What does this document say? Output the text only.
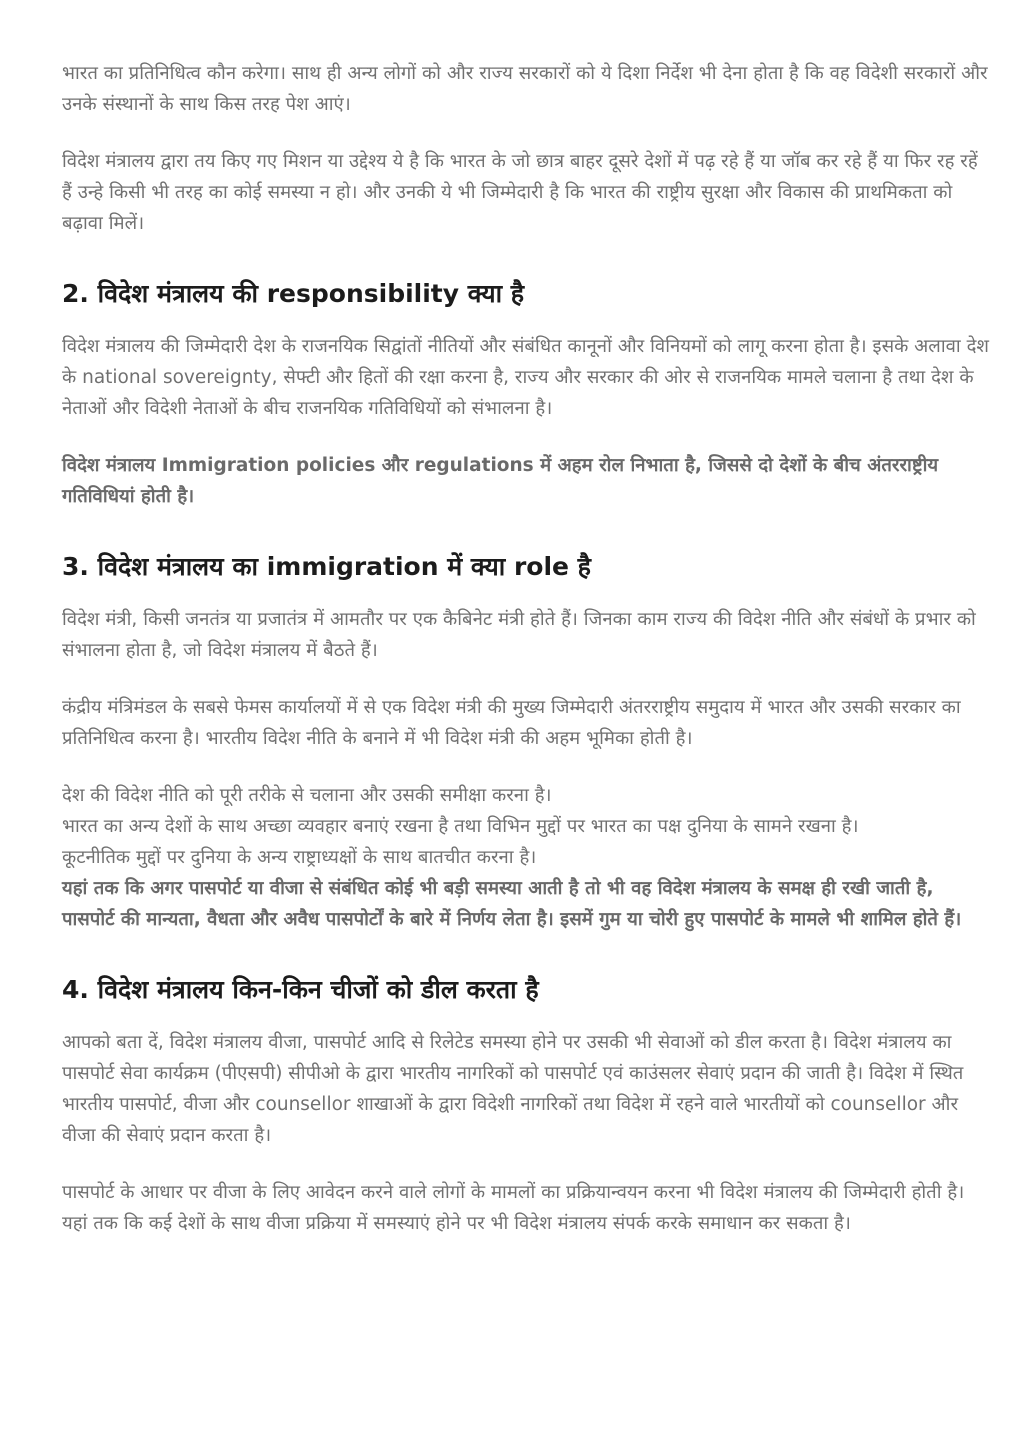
भारत का प्रतिनिधित्व कौन करेगा। साथ ही अन्य लोगों को और राज्य सरकारों को ये दिशा निर्देश भी देना होता है कि वह विदेशी सरकारों और उनके संस्थानों के साथ किस तरह पेश आएं।

विदेश मंत्रालय द्वारा तय किए गए मिशन या उद्देश्य ये है कि भारत के जो छात्र बाहर दूसरे देशों में पढ़ रहे हैं या जॉब कर रहे हैं या फिर रह रहें हैं उन्हे किसी भी तरह का कोई समस्या न हो। और उनकी ये भी जिम्मेदारी है कि भारत की राष्ट्रीय सुरक्षा और विकास की प्राथमिकता को बढ़ावा मिलें।

2. विदेश मंत्रालय की responsibility क्या है

विदेश मंत्रालय की जिम्मेदारी देश के राजनयिक सिद्वांतों नीतियों और संबंधित कानूनों और विनियमों को लागू करना होता है। इसके अलावा देश के national sovereignty, सेफ्टी और हितों की रक्षा करना है, राज्य और सरकार की ओर से राजनयिक मामले चलाना है तथा देश के नेताओं और विदेशी नेताओं के बीच राजनयिक गतिविधियों को संभालना है।

विदेश मंत्रालय Immigration policies और regulations में अहम रोल निभाता है, जिससे दो देशों के बीच अंतरराष्ट्रीय गतिविधियां होती है।

3. विदेश मंत्रालय का immigration में क्या role है

विदेश मंत्री, किसी जनतंत्र या प्रजातंत्र में आमतौर पर एक कैबिनेट मंत्री होते हैं। जिनका काम राज्य की विदेश नीति और संबंधों के प्रभार को संभालना होता है, जो विदेश मंत्रालय में बैठते हैं।

कंद्रीय मंत्रिमंडल के सबसे फेमस कार्यालयों में से एक विदेश मंत्री की मुख्य जिम्मेदारी अंतरराष्ट्रीय समुदाय में भारत और उसकी सरकार का प्रतिनिधित्व करना है। भारतीय विदेश नीति के बनाने में भी विदेश मंत्री की अहम भूमिका होती है।

देश की विदेश नीति को पूरी तरीके से चलाना और उसकी समीक्षा करना है।

भारत का अन्य देशों के साथ अच्छा व्यवहार बनाएं रखना है तथा विभिन मुद्दों पर भारत का पक्ष दुनिया के सामने रखना है।

कूटनीतिक मुद्दों पर दुनिया के अन्य राष्ट्राध्यक्षों के साथ बातचीत करना है।

यहां तक कि अगर पासपोर्ट या वीजा से संबंधित कोई भी बड़ी समस्या आती है तो भी वह विदेश मंत्रालय के समक्ष ही रखी जाती है, पासपोर्ट की मान्यता, वैधता और अवैध पासपोर्टों के बारे में निर्णय लेता है। इसमें गुम या चोरी हुए पासपोर्ट के मामले भी शामिल होते हैं।

4. विदेश मंत्रालय किन-किन चीजों को डील करता है

आपको बता दें, विदेश मंत्रालय वीजा, पासपोर्ट आदि से रिलेटेड समस्या होने पर उसकी भी सेवाओं को डील करता है। विदेश मंत्रालय का पासपोर्ट सेवा कार्यक्रम (पीएसपी) सीपीओ के द्वारा भारतीय नागरिकों को पासपोर्ट एवं काउंसलर सेवाएं प्रदान की जाती है। विदेश में स्थित भारतीय पासपोर्ट, वीजा और counsellor शाखाओं के द्वारा विदेशी नागरिकों तथा विदेश में रहने वाले भारतीयों को counsellor और वीजा की सेवाएं प्रदान करता है।

पासपोर्ट के आधार पर वीजा के लिए आवेदन करने वाले लोगों के मामलों का प्रक्रियान्वयन करना भी विदेश मंत्रालय की जिम्मेदारी होती है। यहां तक कि कई देशों के साथ वीजा प्रक्रिया में समस्याएं होने पर भी विदेश मंत्रालय संपर्क करके समाधान कर सकता है।
